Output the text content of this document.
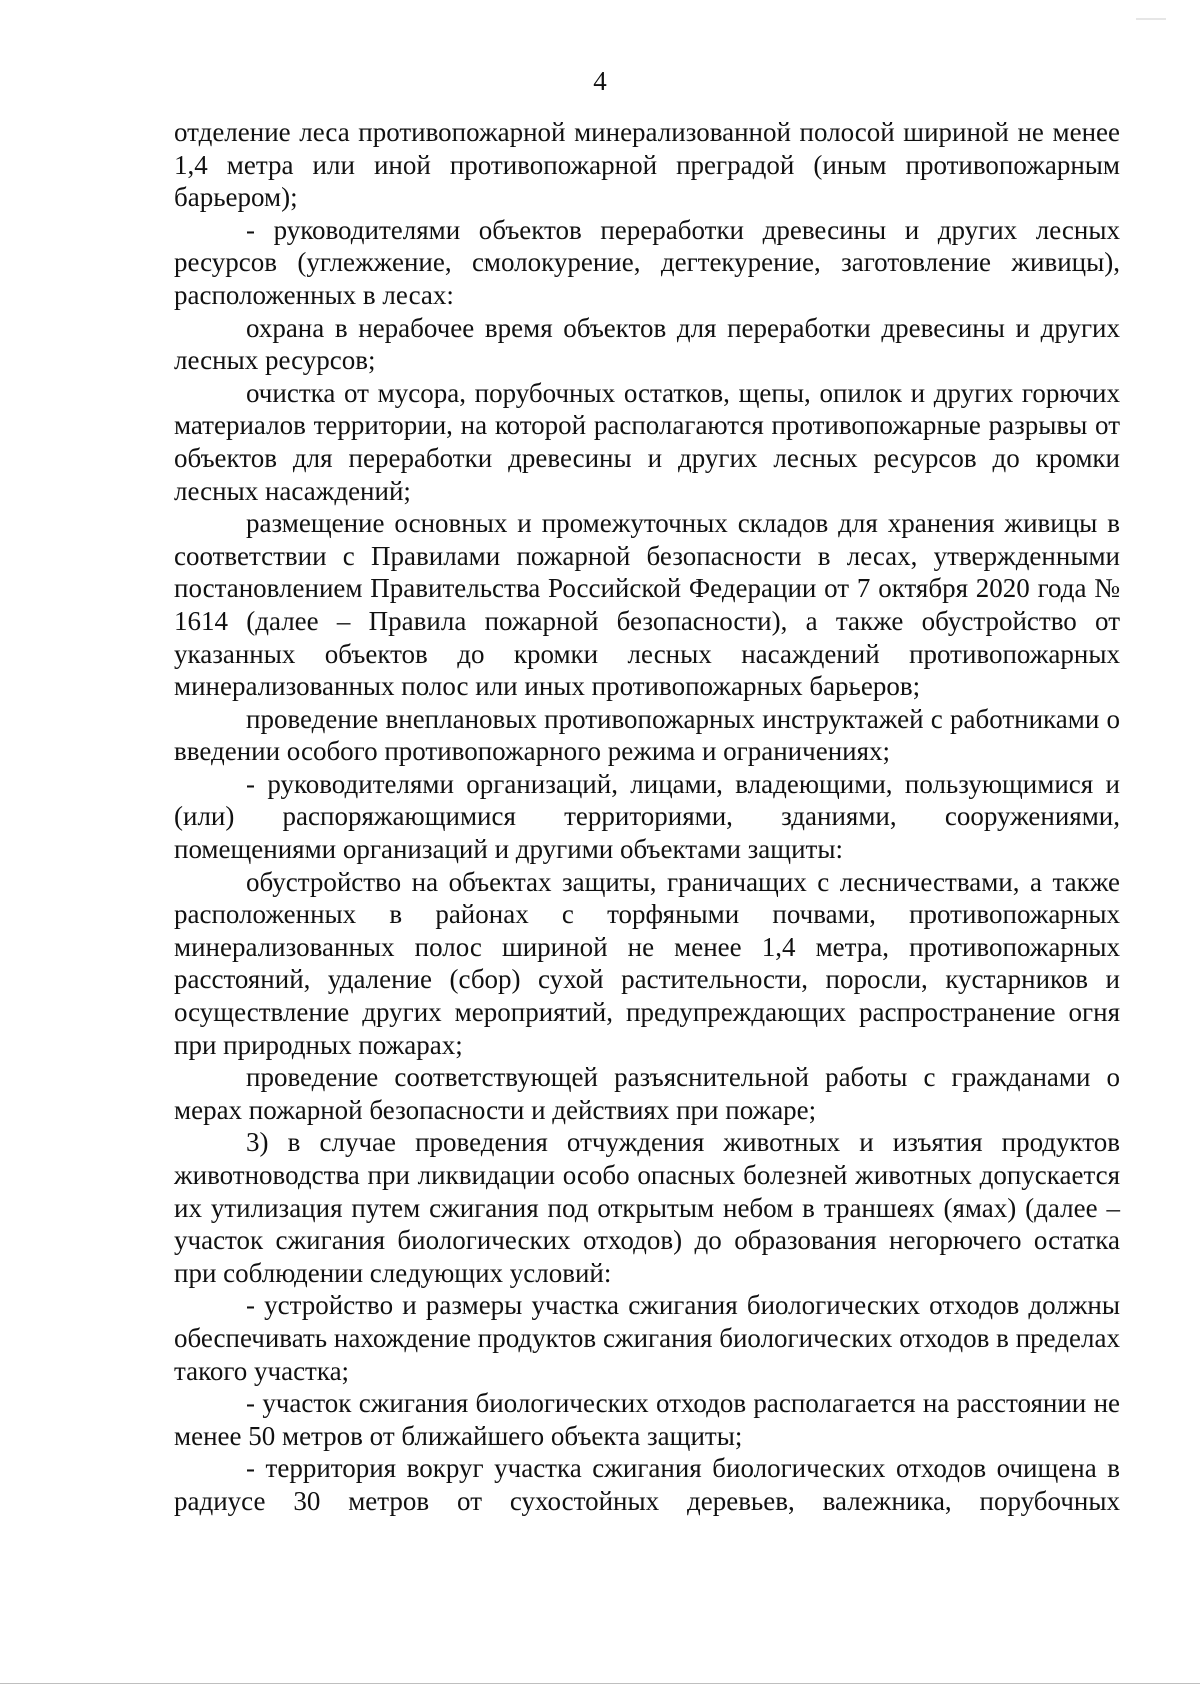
4

отделение леса противопожарной минерализованной полосой шириной не менее 1,4 метра или иной противопожарной преградой (иным противопожарным барьером);

- руководителями объектов переработки древесины и других лесных ресурсов (углежжение, смолокурение, дегтекурение, заготовление живицы), расположенных в лесах:

охрана в нерабочее время объектов для переработки древесины и других лесных ресурсов;

очистка от мусора, порубочных остатков, щепы, опилок и других горючих материалов территории, на которой располагаются противопожарные разрывы от объектов для переработки древесины и других лесных ресурсов до кромки лесных насаждений;

размещение основных и промежуточных складов для хранения живицы в соответствии с Правилами пожарной безопасности в лесах, утвержденными постановлением Правительства Российской Федерации от 7 октября 2020 года № 1614 (далее – Правила пожарной безопасности), а также обустройство от указанных объектов до кромки лесных насаждений противопожарных минерализованных полос или иных противопожарных барьеров;

проведение внеплановых противопожарных инструктажей с работниками о введении особого противопожарного режима и ограничениях;

- руководителями организаций, лицами, владеющими, пользующимися и (или) распоряжающимися территориями, зданиями, сооружениями, помещениями организаций и другими объектами защиты:

обустройство на объектах защиты, граничащих с лесничествами, а также расположенных в районах с торфяными почвами, противопожарных минерализованных полос шириной не менее 1,4 метра, противопожарных расстояний, удаление (сбор) сухой растительности, поросли, кустарников и осуществление других мероприятий, предупреждающих распространение огня при природных пожарах;

проведение соответствующей разъяснительной работы с гражданами о мерах пожарной безопасности и действиях при пожаре;

3) в случае проведения отчуждения животных и изъятия продуктов животноводства при ликвидации особо опасных болезней животных допускается их утилизация путем сжигания под открытым небом в траншеях (ямах) (далее – участок сжигания биологических отходов) до образования негорючего остатка при соблюдении следующих условий:

- устройство и размеры участка сжигания биологических отходов должны обеспечивать нахождение продуктов сжигания биологических отходов в пределах такого участка;

- участок сжигания биологических отходов располагается на расстоянии не менее 50 метров от ближайшего объекта защиты;

- территория вокруг участка сжигания биологических отходов очищена в радиусе 30 метров от сухостойных деревьев, валежника, порубочных
